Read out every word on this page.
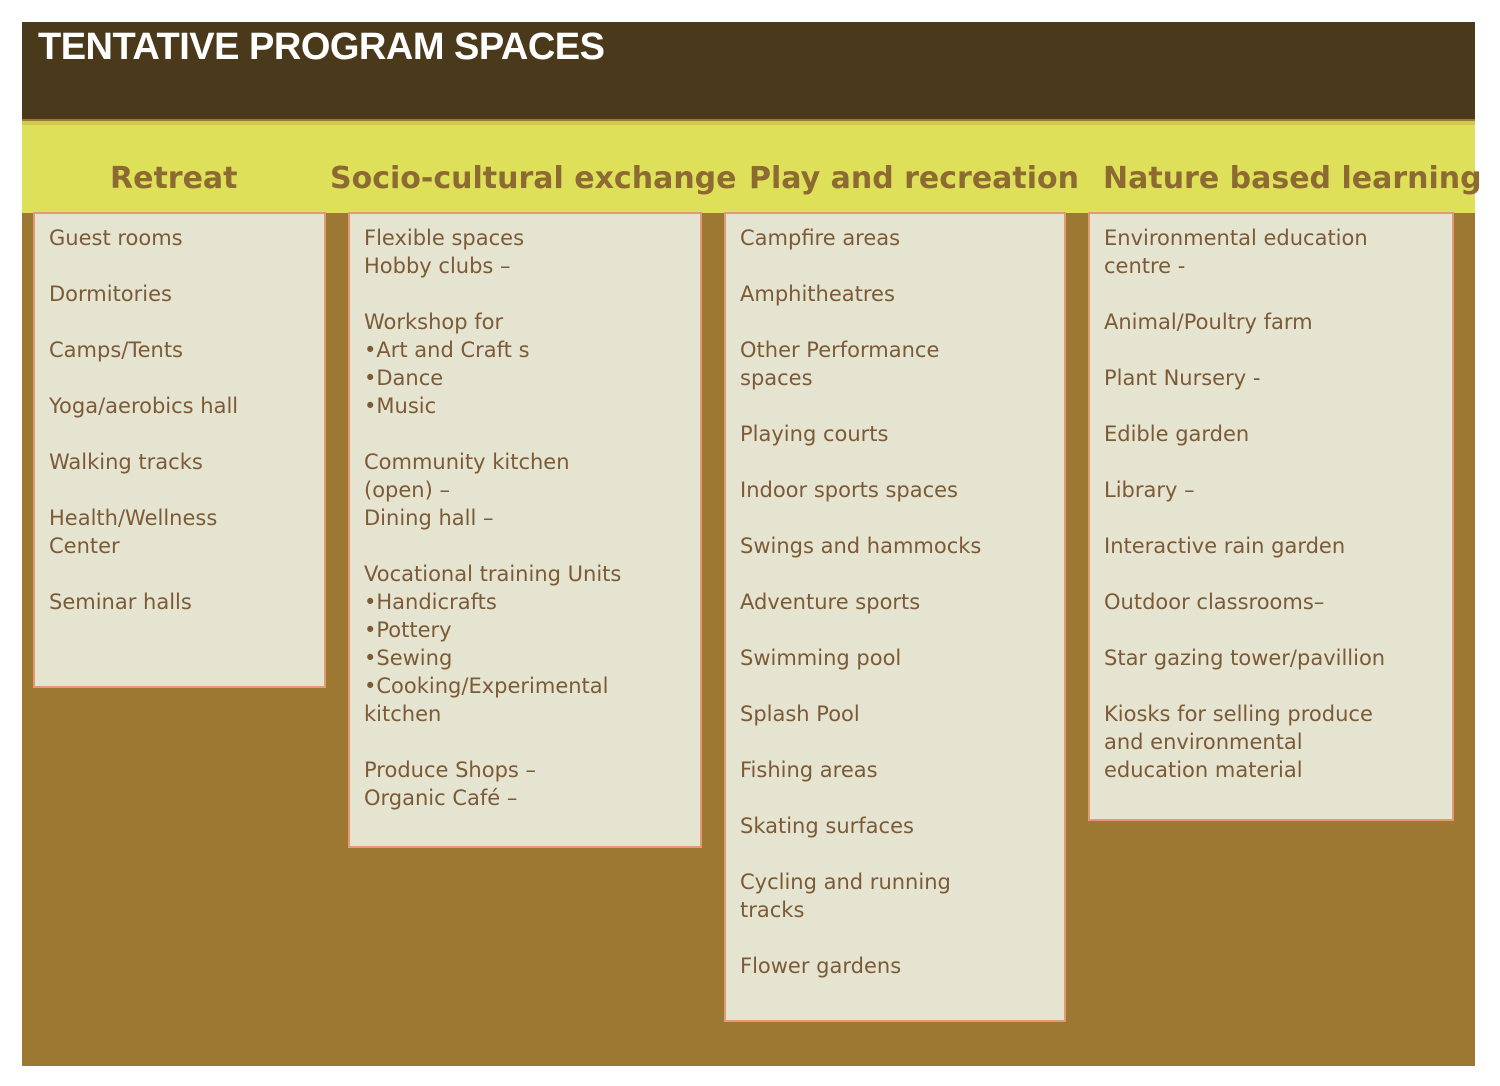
TENTATIVE PROGRAM SPACES
Retreat	Socio-cultural exchange Play and recreation Nature based learning
Guest rooms
Dormitories
Camps/Tents
Yoga/aerobics hall
Walking tracks
Health/Wellness
Center
Seminar halls
Flexible spaces
Hobby clubs –
Workshop for
•Art and Craft s
•Dance
•Music
Community kitchen
(open) –
Dining hall –
Vocational training Units
•Handicrafts
•Pottery
•Sewing
•Cooking/Experimental
kitchen
Produce Shops –
Organic Café –
Campfire areas
Amphitheatres
Other Performance
spaces
Playing courts
Indoor sports spaces
Swings and hammocks
Adventure sports
Swimming pool
Splash Pool
Fishing areas
Skating surfaces
Cycling and running
tracks
Flower gardens
Environmental education
centre -
Animal/Poultry farm
Plant Nursery -
Edible garden
Library –
Interactive rain garden
Outdoor classrooms–
Star gazing tower/pavillion
Kiosks for selling produce
and environmental
education material
